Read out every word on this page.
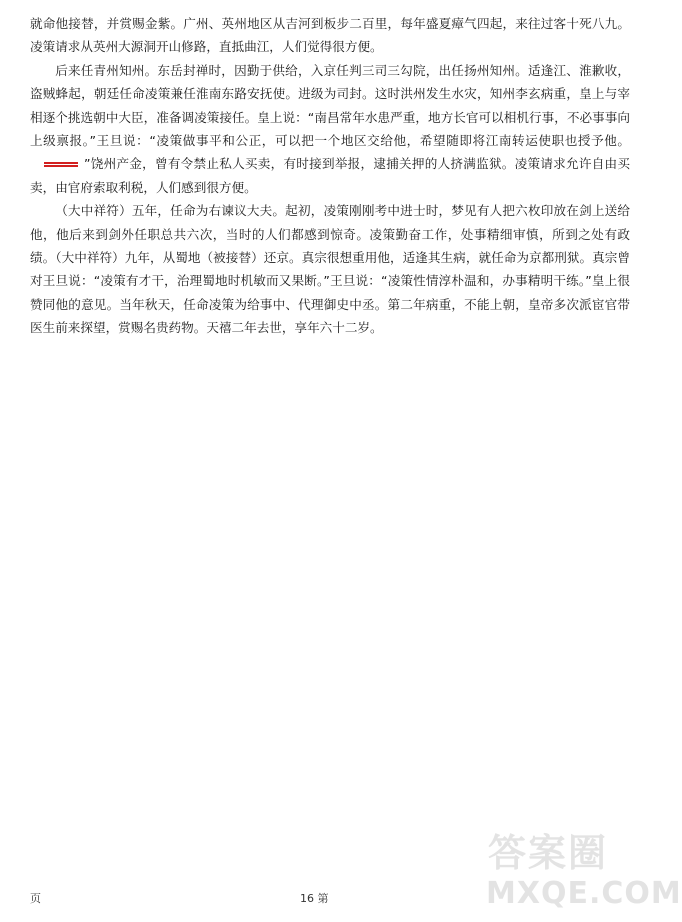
就命他接替，并赏赐金紫。广州、英州地区从吉河到板步二百里，每年盛夏瘴气四起，来往过客十死八九。凌策请求从英州大源洞开山修路，直抵曲江，人们觉得很方便。

后来任青州知州。东岳封禅时，因勤于供给，入京任判三司三勾院，出任扬州知州。适逢江、淮歉收，盗贼蜂起，朝廷任命凌策兼任淮南东路安抚使。进级为司封。这时洪州发生水灾，知州李玄病重，皇上与宰相逐个挑选朝中大臣，准备调凌策接任。皇上说：“南昌常年水患严重，地方长官可以相机行事，不必事事向上级禀报。”王旦说：“凌策做事平和公正，可以把一个地区交给他，希望随即将江南转运使职也授予他。”饶州产金，曾有令禁止私人买卖，有时接到举报，逮捕关押的人挤满监狱。凌策请求允许自由买卖，由官府索取利税，人们感到很方便。

（大中祥符）五年，任命为右谏议大夫。起初，凌策刚刚考中进士时，梦见有人把六枚印放在剑上送给他，他后来到剑外任职总共六次，当时的人们都感到惊奇。凌策勤奋工作，处事精细审慎，所到之处有政绩。（大中祥符）九年，从蜀地（被接替）还京。真宗很想重用他，适逢其生病，就任命为京都刑狱。真宗曾对王旦说：“凌策有才干，治理蜀地时机敏而又果断。”王旦说：“凌策性情淳朴温和，办事精明干练。”皇上很赞同他的意见。当年秋天，任命凌策为给事中、代理御史中丞。第二年病重，不能上朝，皇帝多次派宦官带医生前来探望，赏赐名贵药物。天禧二年去世，享年六十二岁。

页	16 第
答案圈
MXQE.COM
